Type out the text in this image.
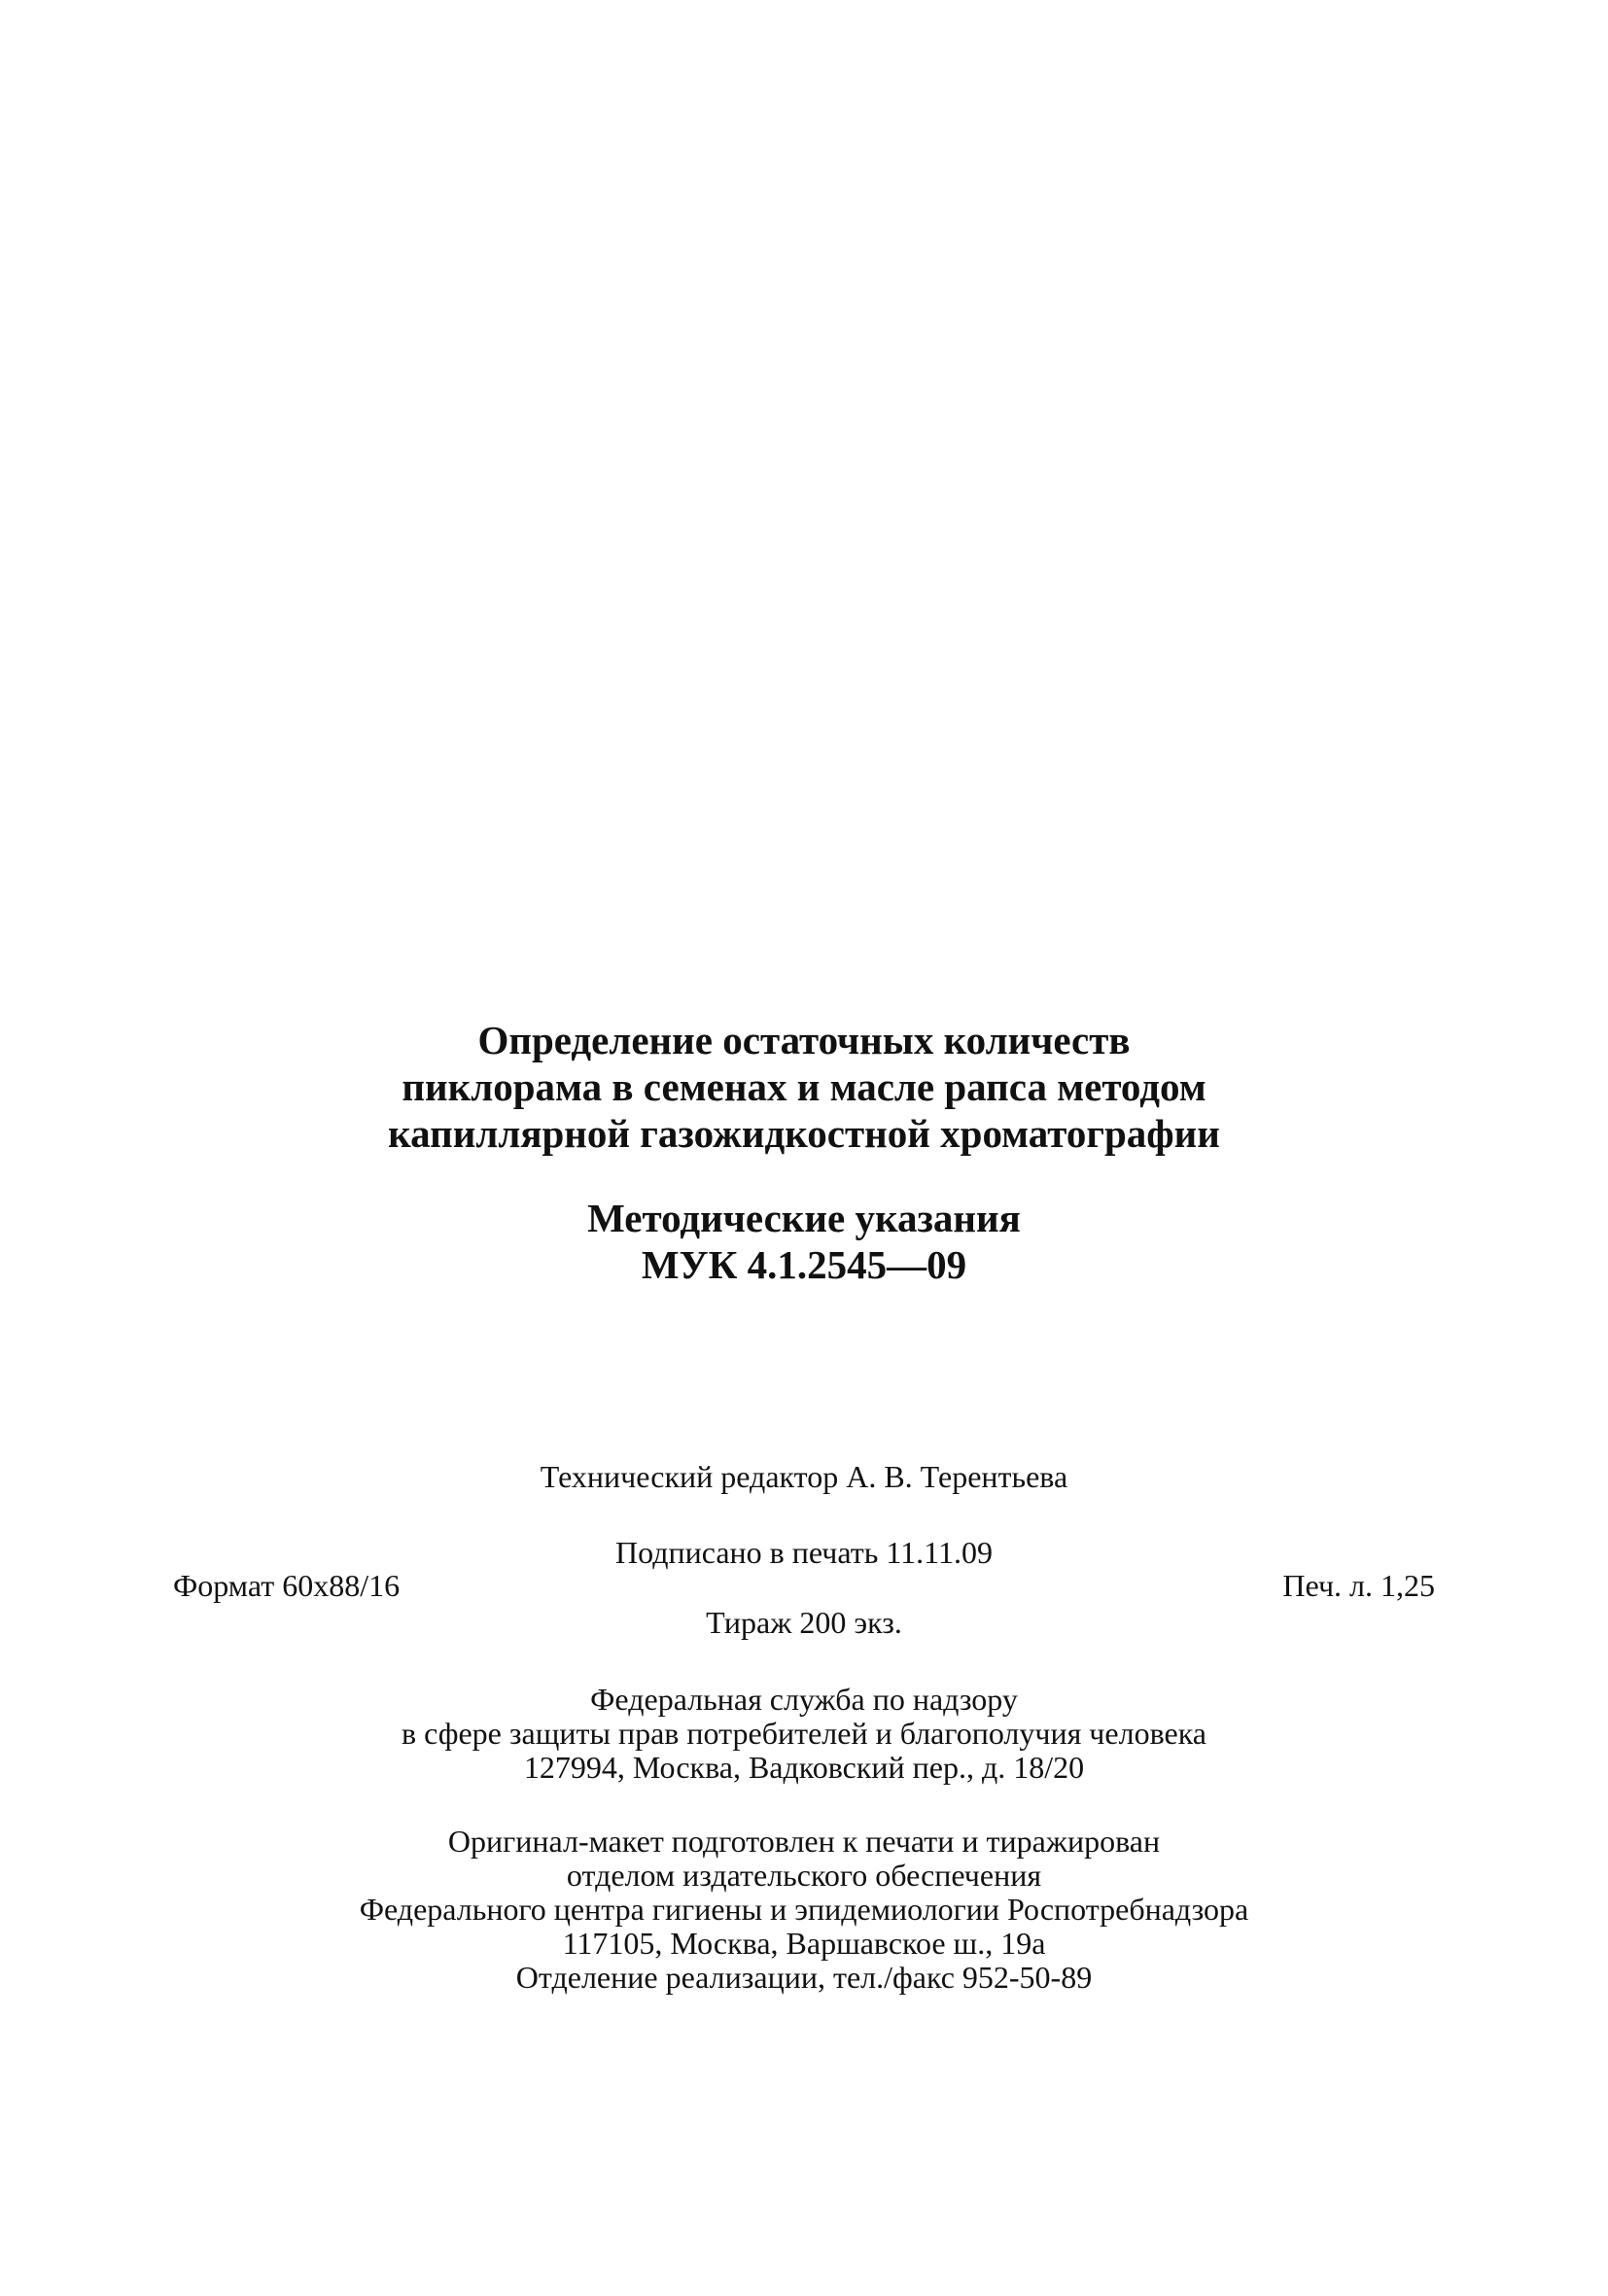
Определение остаточных количеств
пиклорама в семенах и масле рапса методом
капиллярной газожидкостной хроматографии
Методические указания
МУК 4.1.2545—09
Технический редактор А. В. Терентьева
Подписано в печать 11.11.09
Формат 60x88/16	Печ. л. 1,25
Тираж 200 экз.
Федеральная служба по надзору
в сфере защиты прав потребителей и благополучия человека
127994, Москва, Вадковский пер., д. 18/20
Оригинал-макет подготовлен к печати и тиражирован
отделом издательского обеспечения
Федерального центра гигиены и эпидемиологии Роспотребнадзора
117105, Москва, Варшавское ш., 19а
Отделение реализации, тел./факс 952-50-89
